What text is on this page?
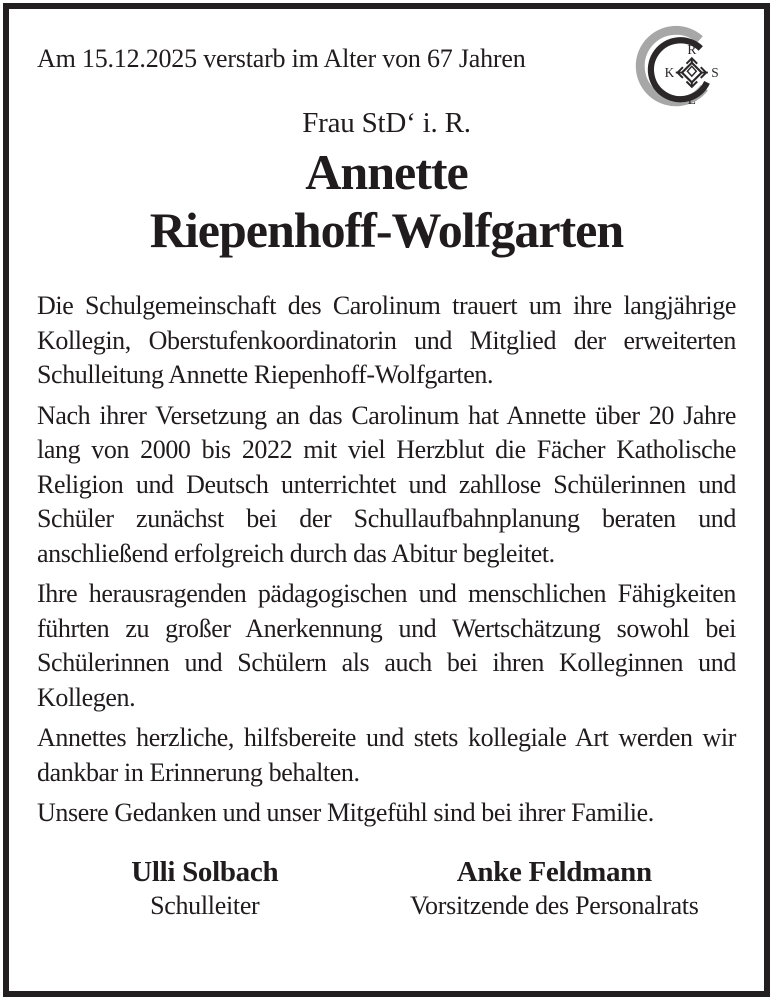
Am 15.12.2025 verstarb im Alter von 67 Jahren	R
S
L
K
Frau StD‘ i. R.
Annette
Riepenhoff-Wolfgarten

Die Schulgemeinschaft des Carolinum trauert um ihre langjährige Kollegin, Oberstufenkoordinatorin und Mitglied der erweiterten Schulleitung Annette Riepenhoff-Wolfgarten.

Nach ihrer Versetzung an das Carolinum hat Annette über 20 Jahre lang von 2000 bis 2022 mit viel Herzblut die Fächer Katholische Religion und Deutsch unterrichtet und zahllose Schülerinnen und Schüler zunächst bei der Schullaufbahnplanung beraten und anschließend erfolgreich durch das Abitur begleitet.

Ihre herausragenden pädagogischen und menschlichen Fähigkeiten führten zu großer Anerkennung und Wertschätzung sowohl bei Schülerinnen und Schülern als auch bei ihren Kolleginnen und Kollegen.

Annettes herzliche, hilfsbereite und stets kollegiale Art werden wir dankbar in Erinnerung behalten.

Unsere Gedanken und unser Mitgefühl sind bei ihrer Familie.

Ulli Solbach
Schulleiter
Anke Feldmann
Vorsitzende des Personalrats
